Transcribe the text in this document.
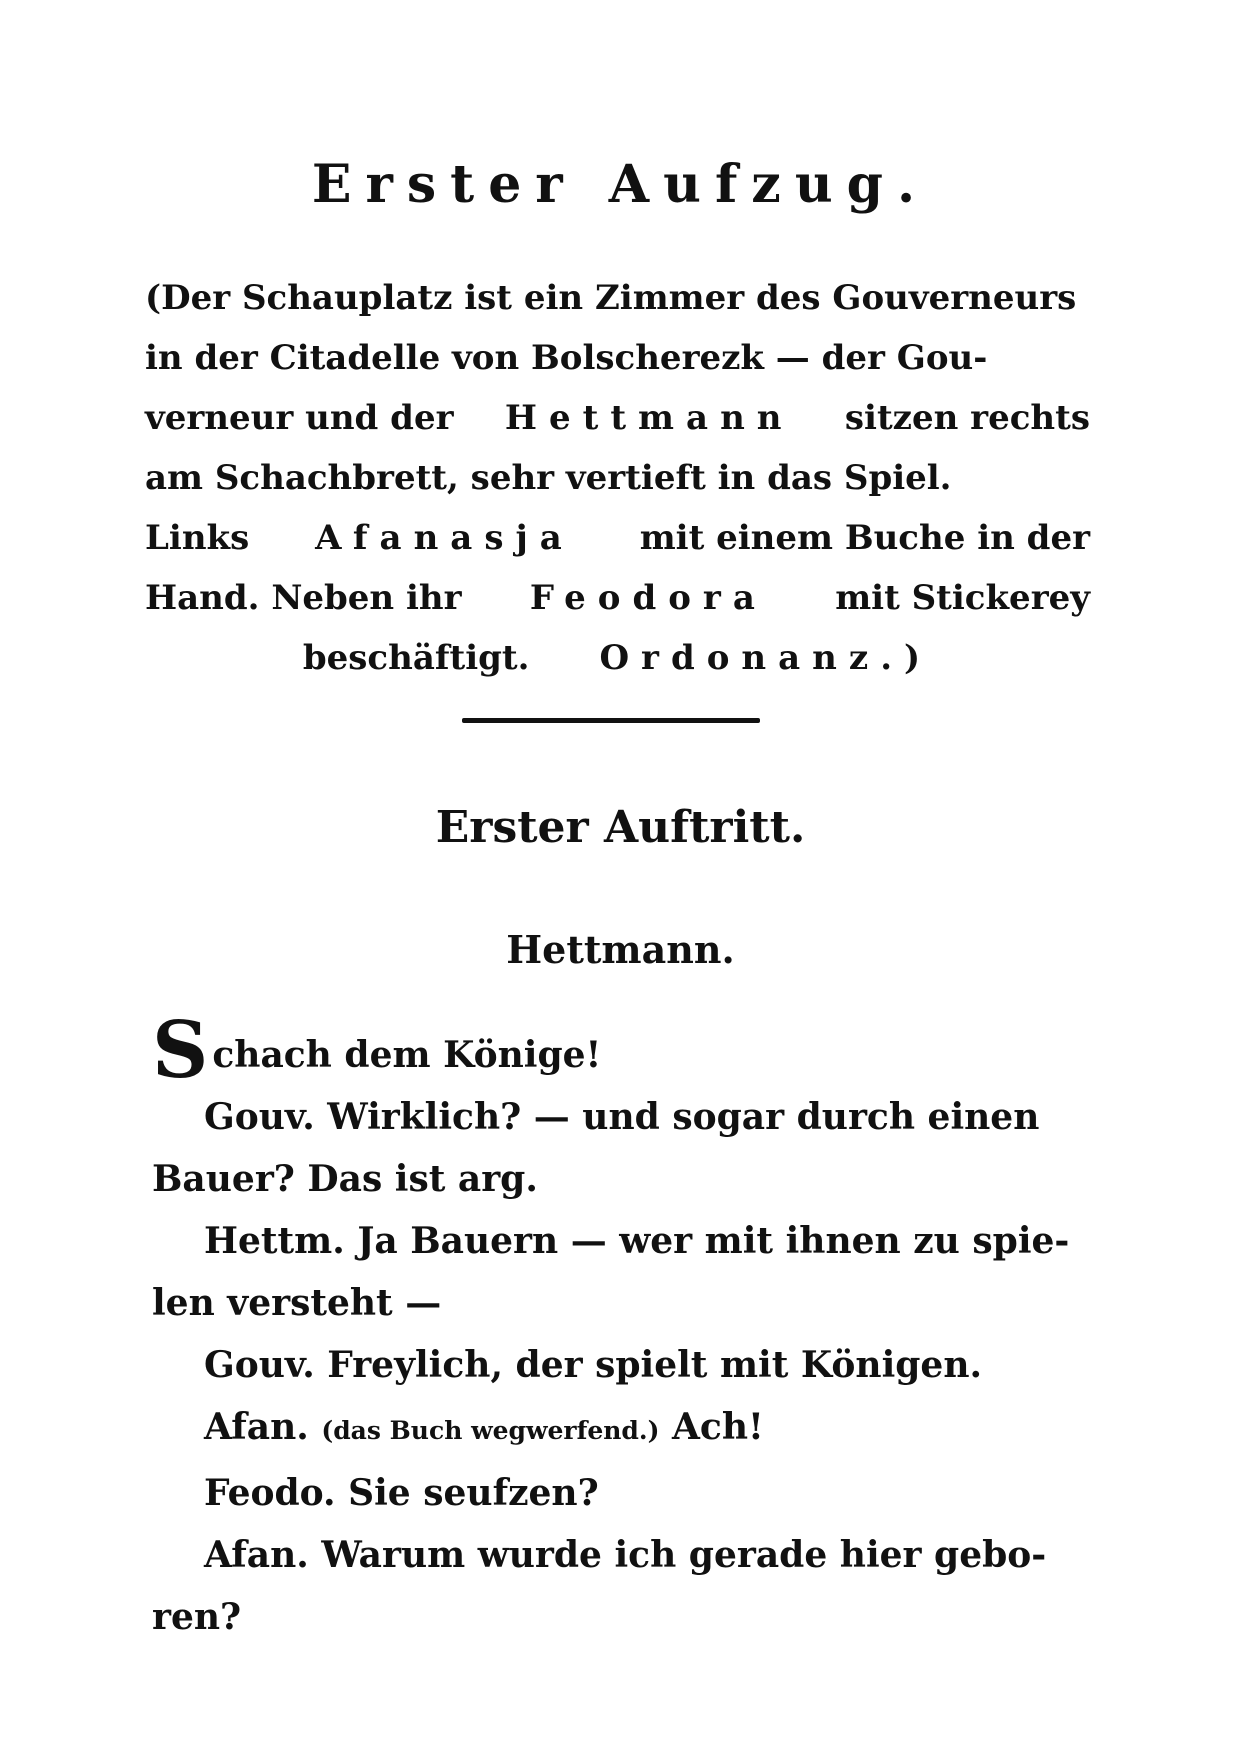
Erster Aufzug.
(Der Schauplatz ist ein Zimmer des Gouverneurs
in der Citadelle von Bolscherezk — der Gou-
verneur und der Hettmann sitzen rechts
am Schachbrett, sehr vertieft in das Spiel.
Links Afanasja mit einem Buche in der
Hand. Neben ihr Feodora mit Stickerey
beschäftigt. Ordonanz.)
Erster Auftritt.
Hettmann.
Schach dem Könige!
Gouv. Wirklich? — und sogar durch einen
Bauer? Das ist arg.
Hettm. Ja Bauern — wer mit ihnen zu spie-
len versteht —
Gouv. Freylich, der spielt mit Königen.
Afan. (das Buch wegwerfend.) Ach!
Feodo. Sie seufzen?
Afan. Warum wurde ich gerade hier gebo-
ren?
